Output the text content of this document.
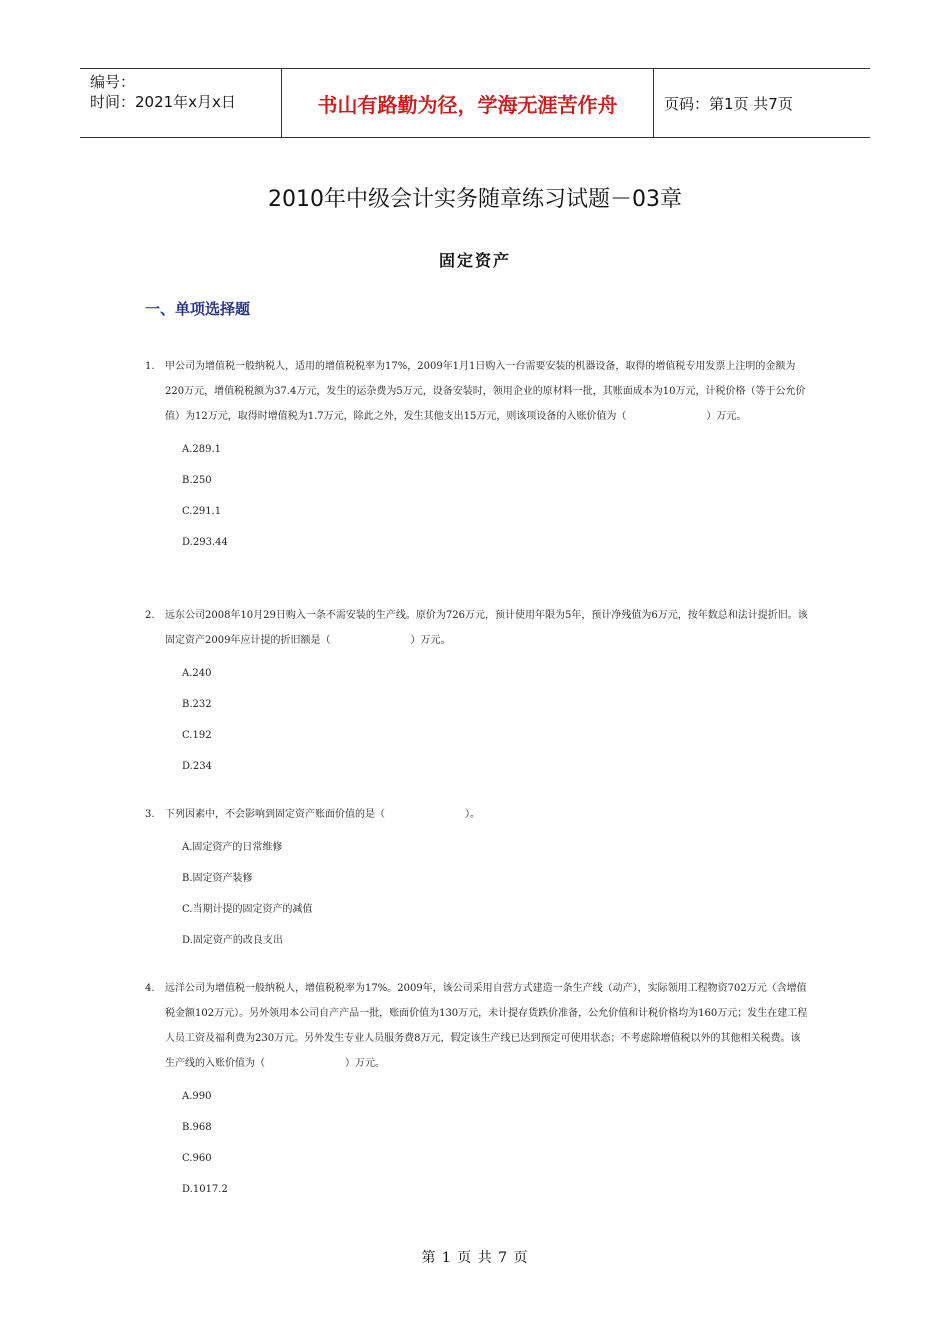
编号：
时间：2021年x月x日	书山有路勤为径，学海无涯苦作舟	页码：第1页 共7页
2010年中级会计实务随章练习试题－03章
固定资产
一、单项选择题
1. 甲公司为增值税一般纳税人，适用的增值税税率为17%，2009年1月1日购入一台需要安装的机器设备，取得的增值税专用发票上注明的金额为220万元，增值税税额为37.4万元，发生的运杂费为5万元，设备安装时，领用企业的原材料一批，其账面成本为10万元，计税价格（等于公允价值）为12万元，取得时增值税为1.7万元，除此之外，发生其他支出15万元，则该项设备的入账价值为（　　　　　　　　）万元。
A.289.1
B.250
C.291.1
D.293.44
2. 远东公司2008年10月29日购入一条不需安装的生产线。原价为726万元，预计使用年限为5年，预计净残值为6万元，按年数总和法计提折旧。该固定资产2009年应计提的折旧额是（　　　　　　　　）万元。
A.240
B.232
C.192
D.234
3. 下列因素中，不会影响到固定资产账面价值的是（　　　　　　　　）。
A.固定资产的日常维修
B.固定资产装修
C.当期计提的固定资产的减值
D.固定资产的改良支出
4. 远洋公司为增值税一般纳税人，增值税税率为17%。2009年，该公司采用自营方式建造一条生产线（动产），实际领用工程物资702万元（含增值税金额102万元）。另外领用本公司自产产品一批，账面价值为130万元，未计提存货跌价准备，公允价值和计税价格均为160万元；发生在建工程人员工资及福利费为230万元。另外发生专业人员服务费8万元，假定该生产线已达到预定可使用状态；不考虑除增值税以外的其他相关税费。该生产线的入账价值为（　　　　　　　　）万元。
A.990
B.968
C.960
D.1017.2
第 1 页 共 7 页
